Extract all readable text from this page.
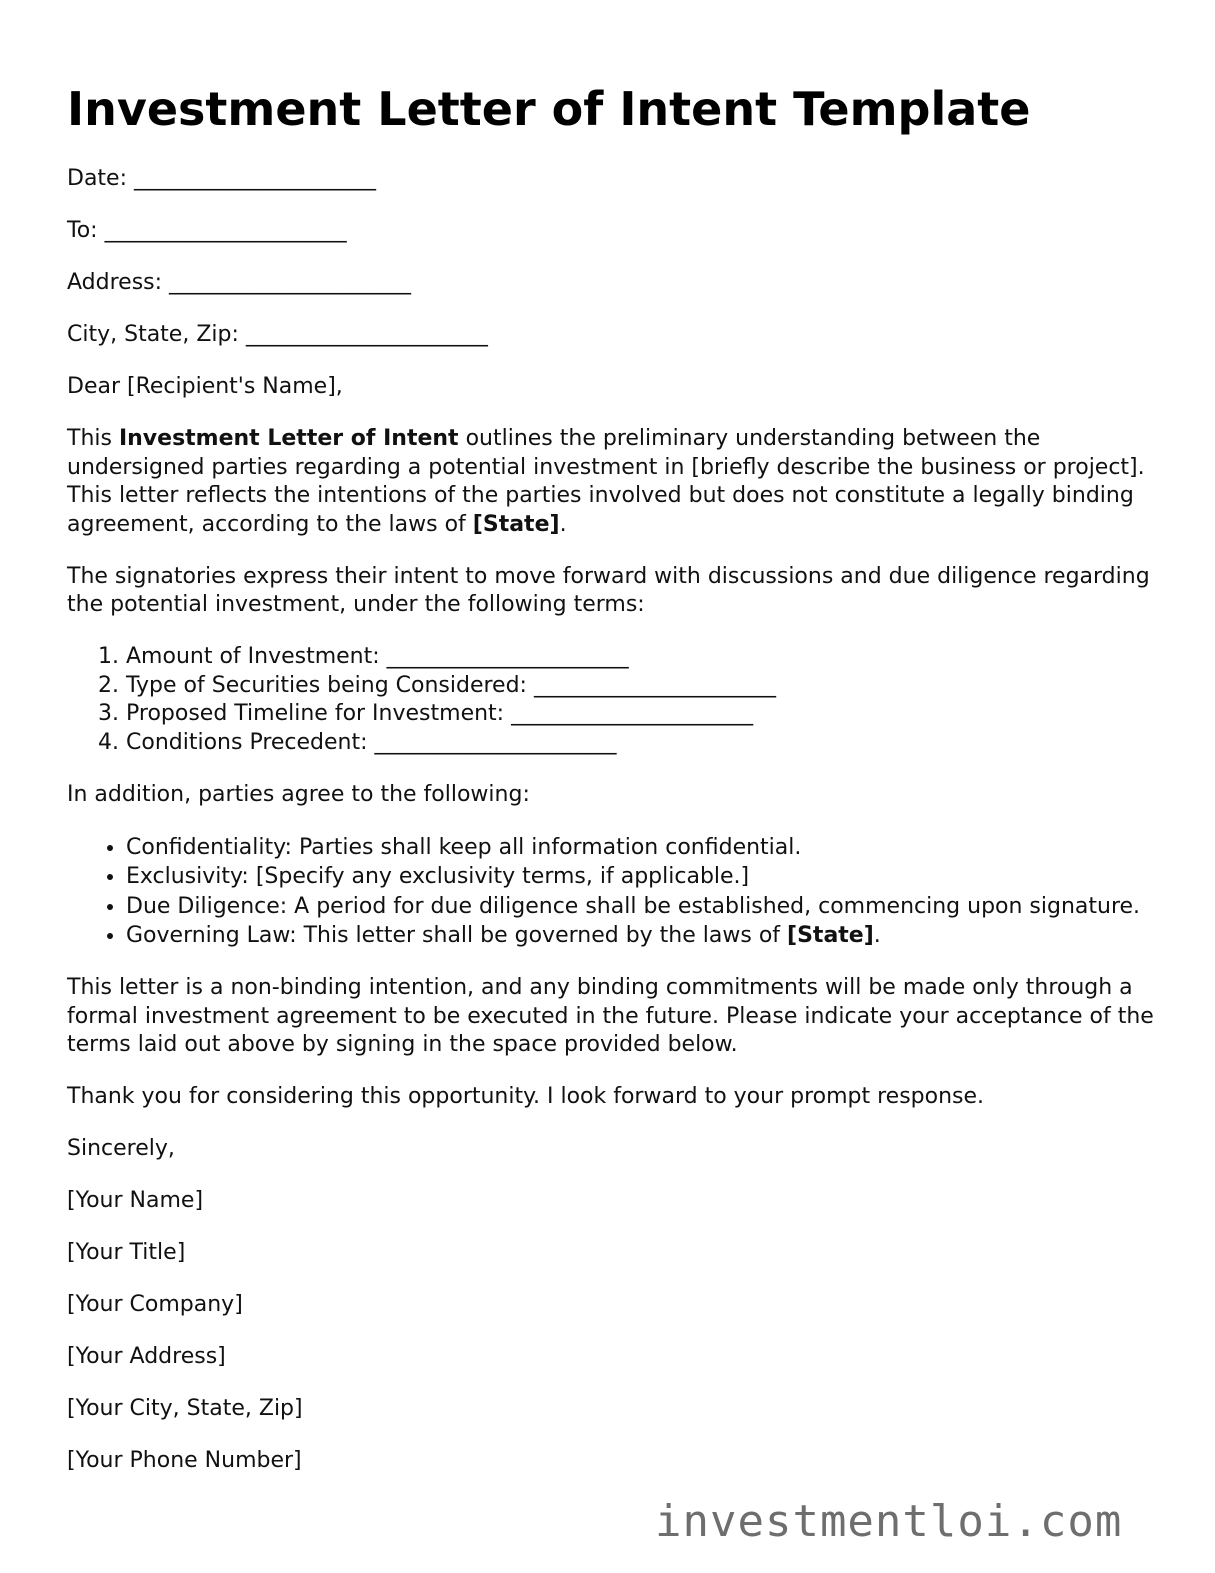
Investment Letter of Intent Template

Date: ______________________

To: ______________________

Address: ______________________

City, State, Zip: ______________________

Dear [Recipient's Name],

This Investment Letter of Intent outlines the preliminary understanding between the undersigned parties regarding a potential investment in [briefly describe the business or project]. This letter reflects the intentions of the parties involved but does not constitute a legally binding agreement, according to the laws of [State].

The signatories express their intent to move forward with discussions and due diligence regarding the potential investment, under the following terms:

1. Amount of Investment: ______________________
2. Type of Securities being Considered: ______________________
3. Proposed Timeline for Investment: ______________________
4. Conditions Precedent: ______________________

In addition, parties agree to the following:

• Confidentiality: Parties shall keep all information confidential.
• Exclusivity: [Specify any exclusivity terms, if applicable.]
• Due Diligence: A period for due diligence shall be established, commencing upon signature.
• Governing Law: This letter shall be governed by the laws of [State].

This letter is a non-binding intention, and any binding commitments will be made only through a formal investment agreement to be executed in the future. Please indicate your acceptance of the terms laid out above by signing in the space provided below.

Thank you for considering this opportunity. I look forward to your prompt response.

Sincerely,

[Your Name]

[Your Title]

[Your Company]

[Your Address]

[Your City, State, Zip]

[Your Phone Number]

investmentloi.com
